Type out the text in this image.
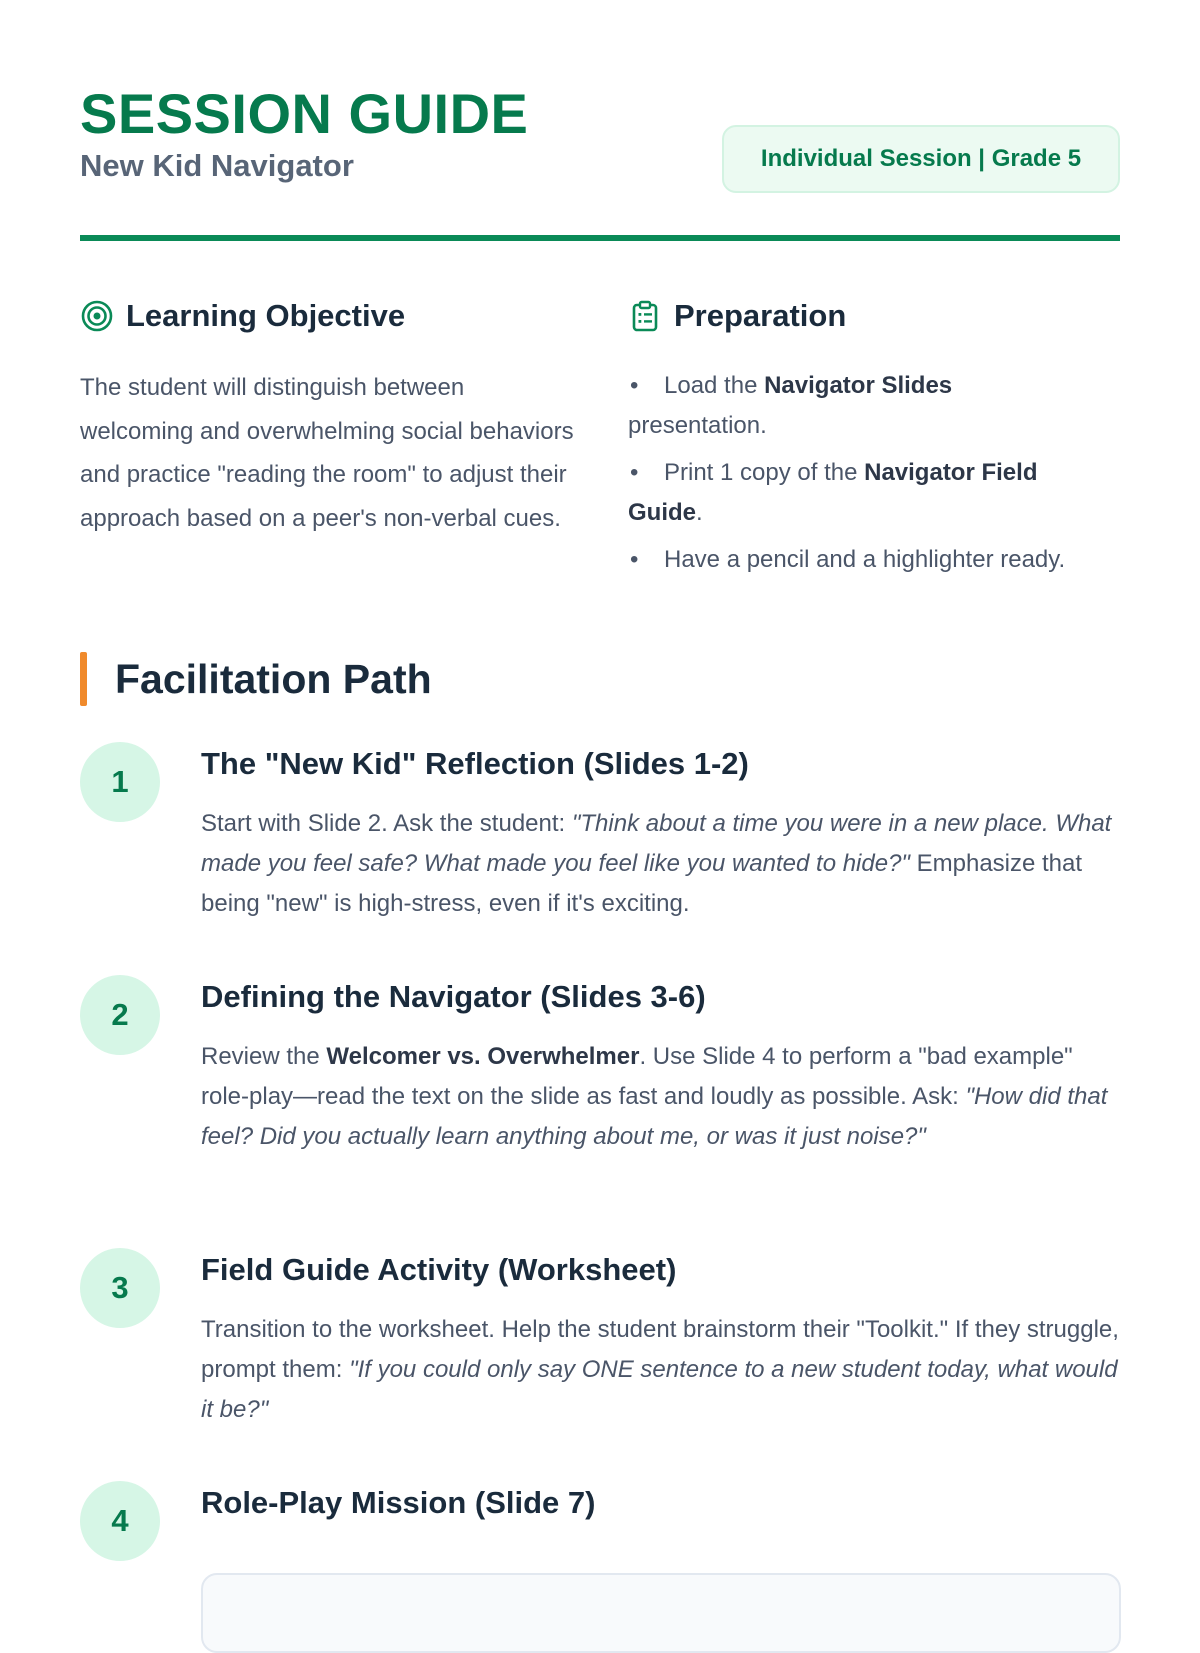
SESSION GUIDE
New Kid Navigator	Individual Session | Grade 5
Learning Objective
The student will distinguish between welcoming and overwhelming social behaviors and practice "reading the room" to adjust their approach based on a peer's non-verbal cues.
Preparation
• Load the Navigator Slides
presentation.
• Print 1 copy of the Navigator Field
Guide.
• Have a pencil and a highlighter ready.
Facilitation Path
1
The "New Kid" Reflection (Slides 1-2)
Start with Slide 2. Ask the student: "Think about a time you were in a new place. What made you feel safe? What made you feel like you wanted to hide?" Emphasize that being "new" is high-stress, even if it's exciting.
2
Defining the Navigator (Slides 3-6)
Review the Welcomer vs. Overwhelmer. Use Slide 4 to perform a "bad example" role-play—read the text on the slide as fast and loudly as possible. Ask: "How did that feel? Did you actually learn anything about me, or was it just noise?"
3
Field Guide Activity (Worksheet)
Transition to the worksheet. Help the student brainstorm their "Toolkit." If they struggle, prompt them: "If you could only say ONE sentence to a new student today, what would it be?"
4
Role-Play Mission (Slide 7)
